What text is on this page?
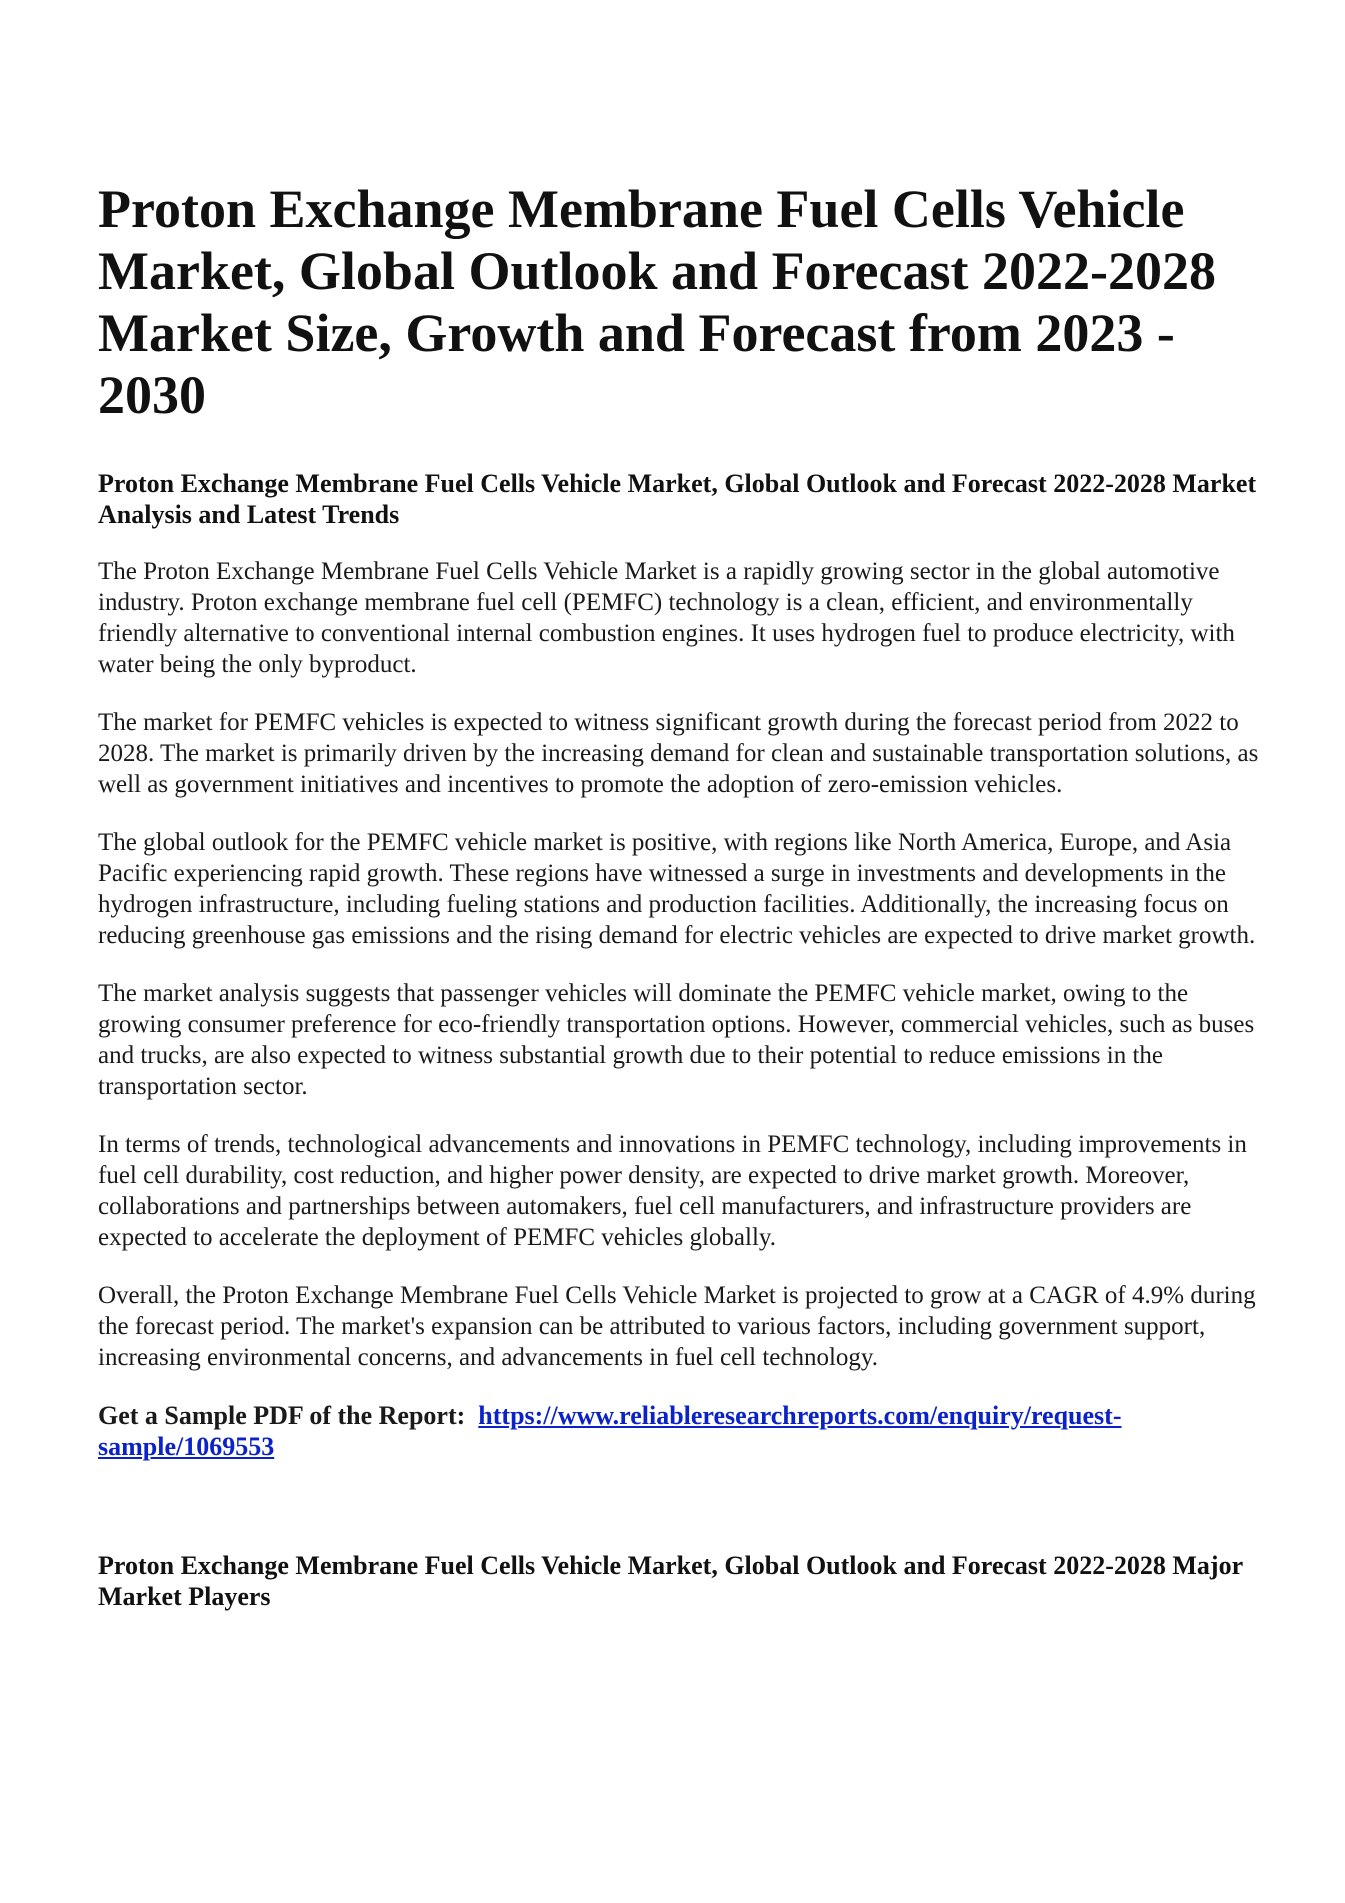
Proton Exchange Membrane Fuel Cells Vehicle Market, Global Outlook and Forecast 2022-2028 Market Size, Growth and Forecast from 2023 - 2030
Proton Exchange Membrane Fuel Cells Vehicle Market, Global Outlook and Forecast 2022-2028 Market Analysis and Latest Trends

The Proton Exchange Membrane Fuel Cells Vehicle Market is a rapidly growing sector in the global automotive industry. Proton exchange membrane fuel cell (PEMFC) technology is a clean, efficient, and environmentally friendly alternative to conventional internal combustion engines. It uses hydrogen fuel to produce electricity, with water being the only byproduct.

The market for PEMFC vehicles is expected to witness significant growth during the forecast period from 2022 to 2028. The market is primarily driven by the increasing demand for clean and sustainable transportation solutions, as well as government initiatives and incentives to promote the adoption of zero-emission vehicles.

The global outlook for the PEMFC vehicle market is positive, with regions like North America, Europe, and Asia Pacific experiencing rapid growth. These regions have witnessed a surge in investments and developments in the hydrogen infrastructure, including fueling stations and production facilities. Additionally, the increasing focus on reducing greenhouse gas emissions and the rising demand for electric vehicles are expected to drive market growth.

The market analysis suggests that passenger vehicles will dominate the PEMFC vehicle market, owing to the growing consumer preference for eco-friendly transportation options. However, commercial vehicles, such as buses and trucks, are also expected to witness substantial growth due to their potential to reduce emissions in the transportation sector.

In terms of trends, technological advancements and innovations in PEMFC technology, including improvements in fuel cell durability, cost reduction, and higher power density, are expected to drive market growth. Moreover, collaborations and partnerships between automakers, fuel cell manufacturers, and infrastructure providers are expected to accelerate the deployment of PEMFC vehicles globally.

Overall, the Proton Exchange Membrane Fuel Cells Vehicle Market is projected to grow at a CAGR of 4.9% during the forecast period. The market's expansion can be attributed to various factors, including government support, increasing environmental concerns, and advancements in fuel cell technology.

Get a Sample PDF of the Report: https://www.reliableresearchreports.com/enquiry/request-sample/1069553
Proton Exchange Membrane Fuel Cells Vehicle Market, Global Outlook and Forecast 2022-2028 Major Market Players
